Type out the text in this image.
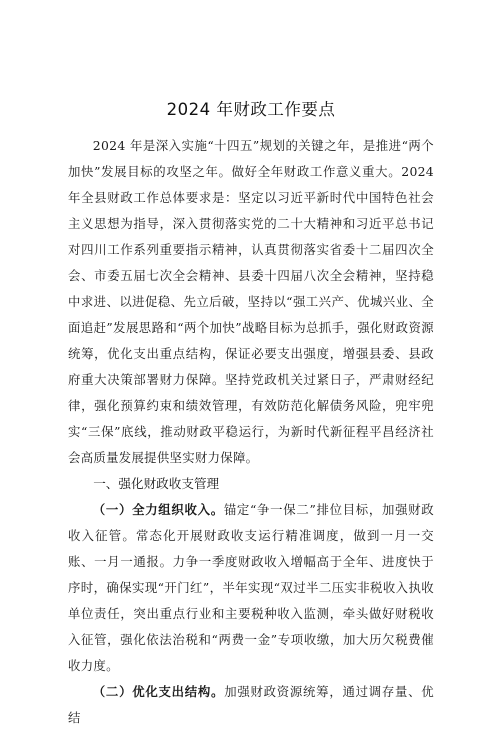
2024 年财政工作要点

2024 年是深入实施“十四五”规划的关键之年，是推进“两个加快”发展目标的攻坚之年。做好全年财政工作意义重大。2024 年全县财政工作总体要求是：坚定以习近平新时代中国特色社会主义思想为指导，深入贯彻落实党的二十大精神和习近平总书记对四川工作系列重要指示精神，认真贯彻落实省委十二届四次全会、市委五届七次全会精神、县委十四届八次全会精神，坚持稳中求进、以进促稳、先立后破，坚持以“强工兴产、优城兴业、全面追赶”发展思路和“两个加快”战略目标为总抓手，强化财政资源统筹，优化支出重点结构，保证必要支出强度，增强县委、县政府重大决策部署财力保障。坚持党政机关过紧日子，严肃财经纪律，强化预算约束和绩效管理，有效防范化解债务风险，兜牢兜实“三保”底线，推动财政平稳运行，为新时代新征程平昌经济社会高质量发展提供坚实财力保障。

一、强化财政收支管理

（一）全力组织收入。锚定“争一保二”排位目标，加强财政收入征管。常态化开展财政收支运行精准调度，做到一月一交账、一月一通报。力争一季度财政收入增幅高于全年、进度快于序时，确保实现“开门红”，半年实现“双过半二压实非税收入执收单位责任，突出重点行业和主要税种收入监测，牵头做好财税收入征管，强化依法治税和“两费一金”专项收缴，加大历欠税费催收力度。

（二）优化支出结构。加强财政资源统筹，通过调存量、优结
